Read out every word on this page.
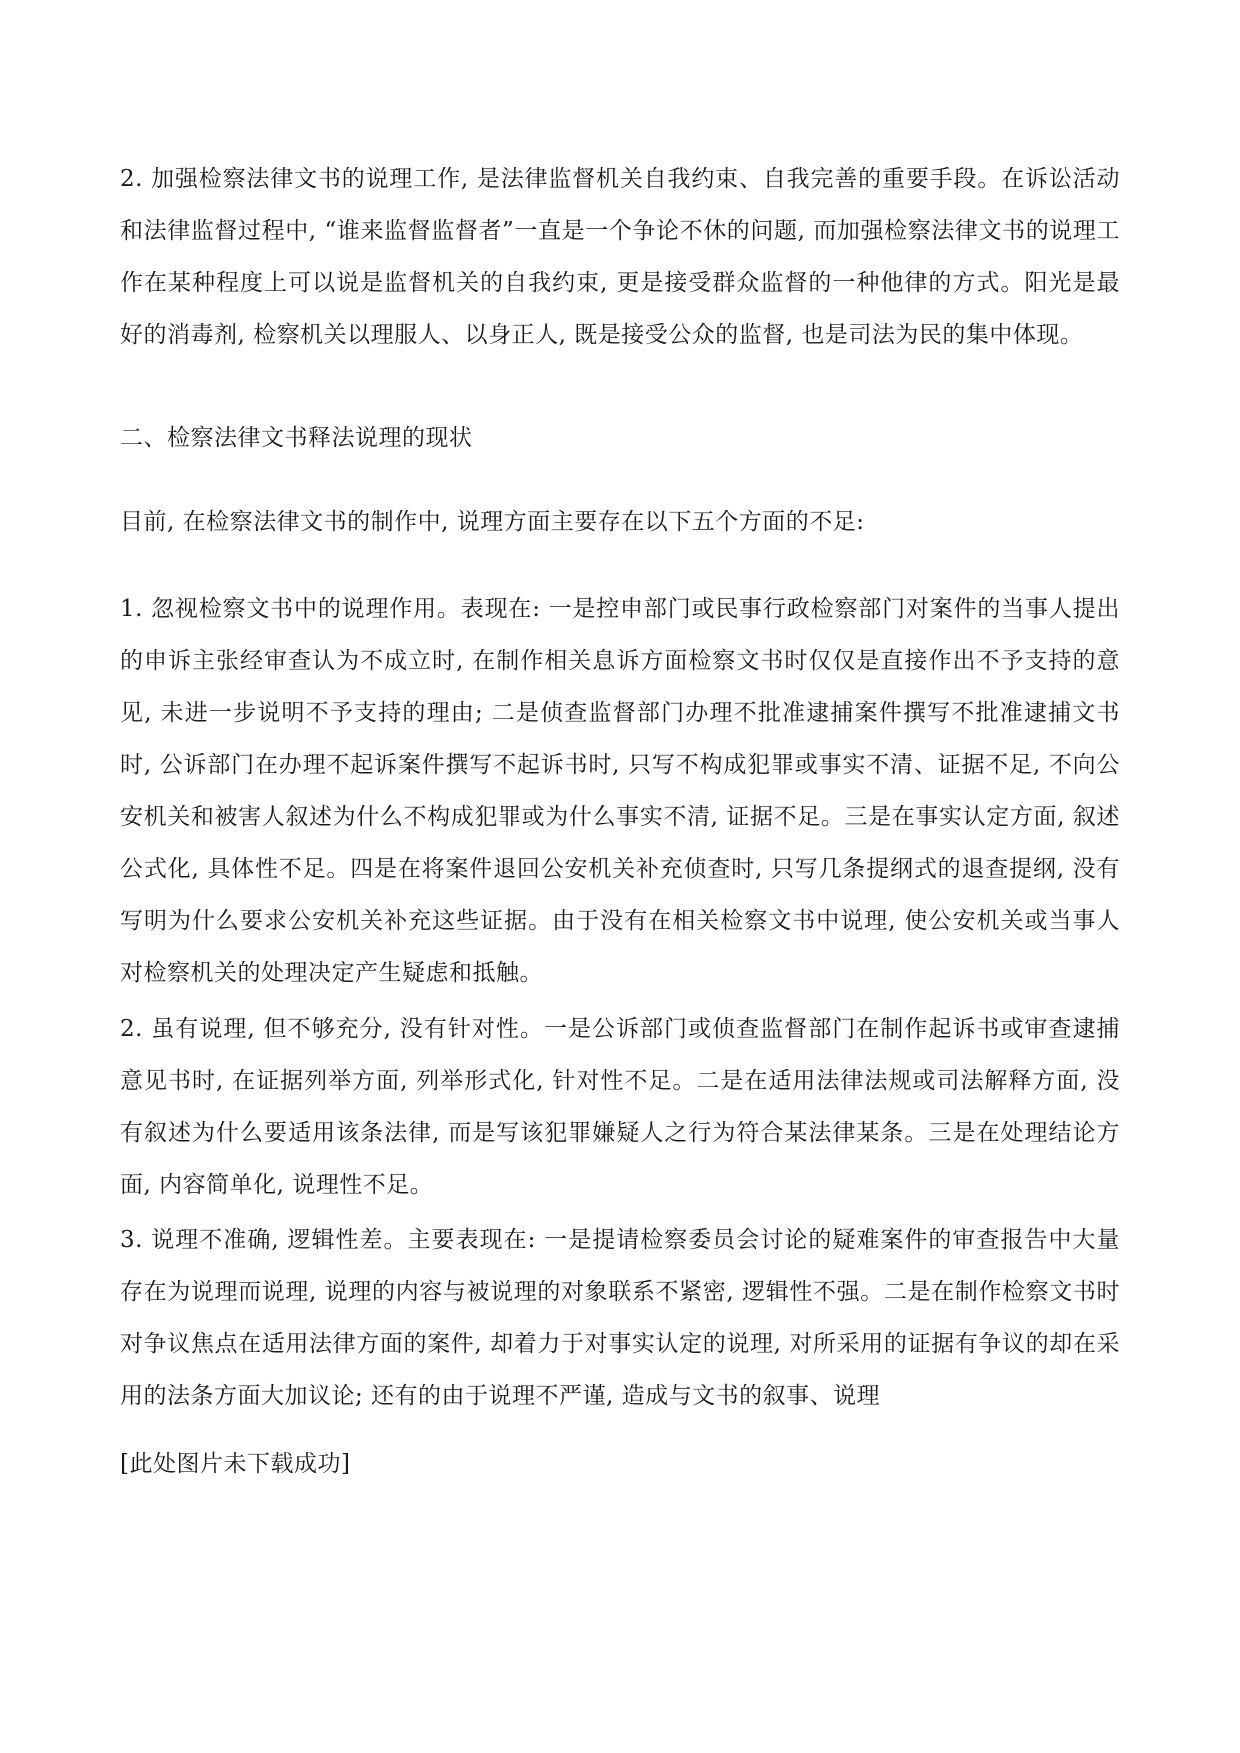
2. 加强检察法律文书的说理工作, 是法律监督机关自我约束、自我完善的重要手段。在诉讼活动和法律监督过程中, “谁来监督监督者”一直是一个争论不休的问题, 而加强检察法律文书的说理工作在某种程度上可以说是监督机关的自我约束, 更是接受群众监督的一种他律的方式。阳光是最好的消毒剂, 检察机关以理服人、以身正人, 既是接受公众的监督, 也是司法为民的集中体现。

二、检察法律文书释法说理的现状

目前, 在检察法律文书的制作中, 说理方面主要存在以下五个方面的不足:

1. 忽视检察文书中的说理作用。表现在: 一是控申部门或民事行政检察部门对案件的当事人提出的申诉主张经审查认为不成立时, 在制作相关息诉方面检察文书时仅仅是直接作出不予支持的意见, 未进一步说明不予支持的理由; 二是侦查监督部门办理不批准逮捕案件撰写不批准逮捕文书时, 公诉部门在办理不起诉案件撰写不起诉书时, 只写不构成犯罪或事实不清、证据不足, 不向公安机关和被害人叙述为什么不构成犯罪或为什么事实不清, 证据不足。三是在事实认定方面, 叙述公式化, 具体性不足。四是在将案件退回公安机关补充侦查时, 只写几条提纲式的退查提纲, 没有写明为什么要求公安机关补充这些证据。由于没有在相关检察文书中说理, 使公安机关或当事人对检察机关的处理决定产生疑虑和抵触。

2. 虽有说理, 但不够充分, 没有针对性。一是公诉部门或侦查监督部门在制作起诉书或审查逮捕意见书时, 在证据列举方面, 列举形式化, 针对性不足。二是在适用法律法规或司法解释方面, 没有叙述为什么要适用该条法律, 而是写该犯罪嫌疑人之行为符合某法律某条。三是在处理结论方面, 内容简单化, 说理性不足。

3. 说理不准确, 逻辑性差。主要表现在: 一是提请检察委员会讨论的疑难案件的审查报告中大量存在为说理而说理, 说理的内容与被说理的对象联系不紧密, 逻辑性不强。二是在制作检察文书时对争议焦点在适用法律方面的案件, 却着力于对事实认定的说理, 对所采用的证据有争议的却在采用的法条方面大加议论; 还有的由于说理不严谨, 造成与文书的叙事、说理

[此处图片未下载成功]
